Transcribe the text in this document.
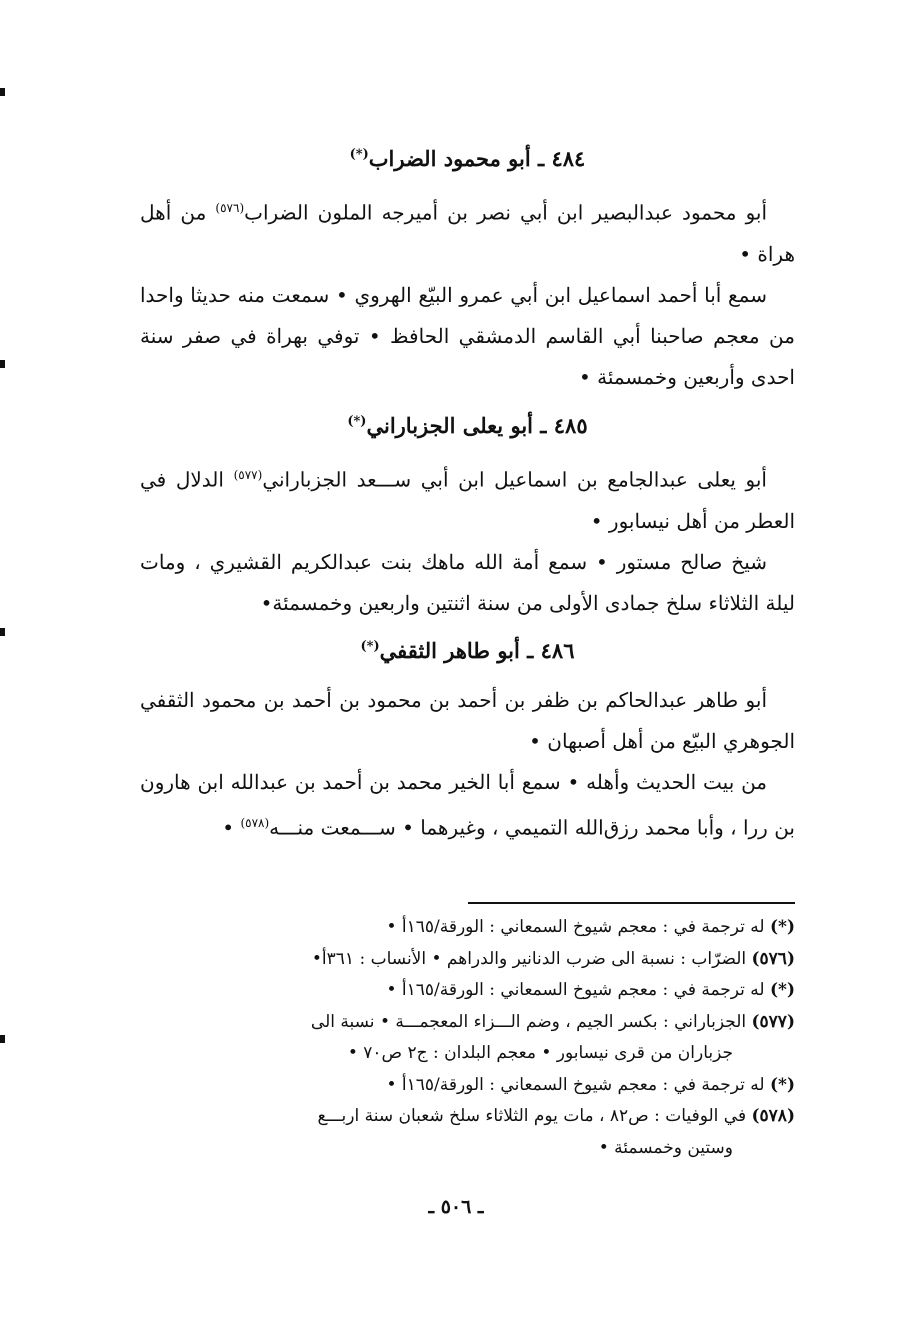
٤٨٤ ـ أبو محمود الضراب(*)

أبو محمود عبدالبصير ابن أبي نصر بن أميرجه الملون الضراب$^{(٥٧٦)}$ من أهل هراة •

سمع أبا أحمد اسماعيل ابن أبي عمرو البيّع الهروي • سمعت منه حديثا واحدا من معجم صاحبنا أبي القاسم الدمشقي الحافظ • توفي بهراة في صفر سنة احدى وأربعين وخمسمئة •

٤٨٥ ـ أبو يعلى الجزباراني(*)

أبو يعلى عبدالجامع بن اسماعيل ابن أبي ســـعد الجزباراني$^{(٥٧٧)}$ الدلال في العطر من أهل نيسابور •

شيخ صالح مستور • سمع أمة الله ماهك بنت عبدالكريم القشيري ، ومات ليلة الثلاثاء سلخ جمادى الأولى من سنة اثنتين واربعين وخمسمئة•

٤٨٦ ـ أبو طاهر الثقفي(*)

أبو طاهر عبدالحاكم بن ظفر بن أحمد بن محمود بن أحمد بن محمود الثقفي الجوهري البيّع من أهل أصبهان •

من بيت الحديث وأهله • سمع أبا الخير محمد بن أحمد بن عبدالله ابن هارون بن ررا ، وأبا محمد رزق‌الله التميمي ، وغيرهما • ســـمعت منـــه$^{(٥٧٨)}$ •

(*) له ترجمة في : معجم شيوخ السمعاني : الورقة/١٦٥أ •

(٥٧٦) الضرّاب : نسبة الى ضرب الدنانير والدراهم • الأنساب : ٣٦١أ•

(*) له ترجمة في : معجم شيوخ السمعاني : الورقة/١٦٥أ •

(٥٧٧) الجزباراني : بكسر الجيم ، وضم الـــزاء المعجمـــة • نسبة الى

جزباران من قرى نيسابور • معجم البلدان : ج٢ ص٧٠ •

(*) له ترجمة في : معجم شيوخ السمعاني : الورقة/١٦٥أ •

(٥٧٨) في الوفيات : ص٨٢ ، مات يوم الثلاثاء سلخ شعبان سنة اربـــع

وستين وخمسمئة •

ـ ٥٠٦ ـ
